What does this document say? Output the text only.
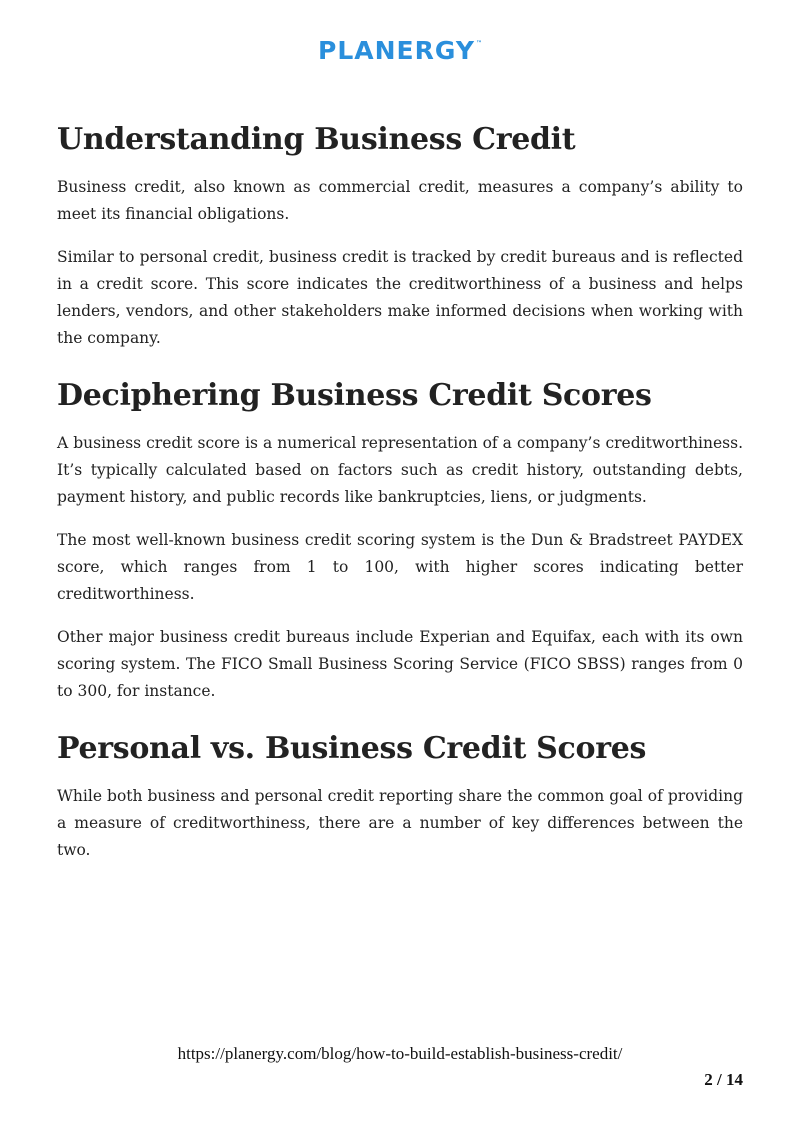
PLANERGY™
Understanding Business Credit

Business credit, also known as commercial credit, measures a company’s ability to meet its financial obligations.

Similar to personal credit, business credit is tracked by credit bureaus and is reflected in a credit score. This score indicates the creditworthiness of a business and helps lenders, vendors, and other stakeholders make informed decisions when working with the company.

Deciphering Business Credit Scores

A business credit score is a numerical representation of a company’s creditworthiness. It’s typically calculated based on factors such as credit history, outstanding debts, payment history, and public records like bankruptcies, liens, or judgments.

The most well-known business credit scoring system is the Dun & Bradstreet PAYDEX score, which ranges from 1 to 100, with higher scores indicating better creditworthiness.

Other major business credit bureaus include Experian and Equifax, each with its own scoring system. The FICO Small Business Scoring Service (FICO SBSS) ranges from 0 to 300, for instance.

Personal vs. Business Credit Scores

While both business and personal credit reporting share the common goal of providing a measure of creditworthiness, there are a number of key differences between the two.

https://planergy.com/blog/how-to-build-establish-business-credit/
2 / 14
